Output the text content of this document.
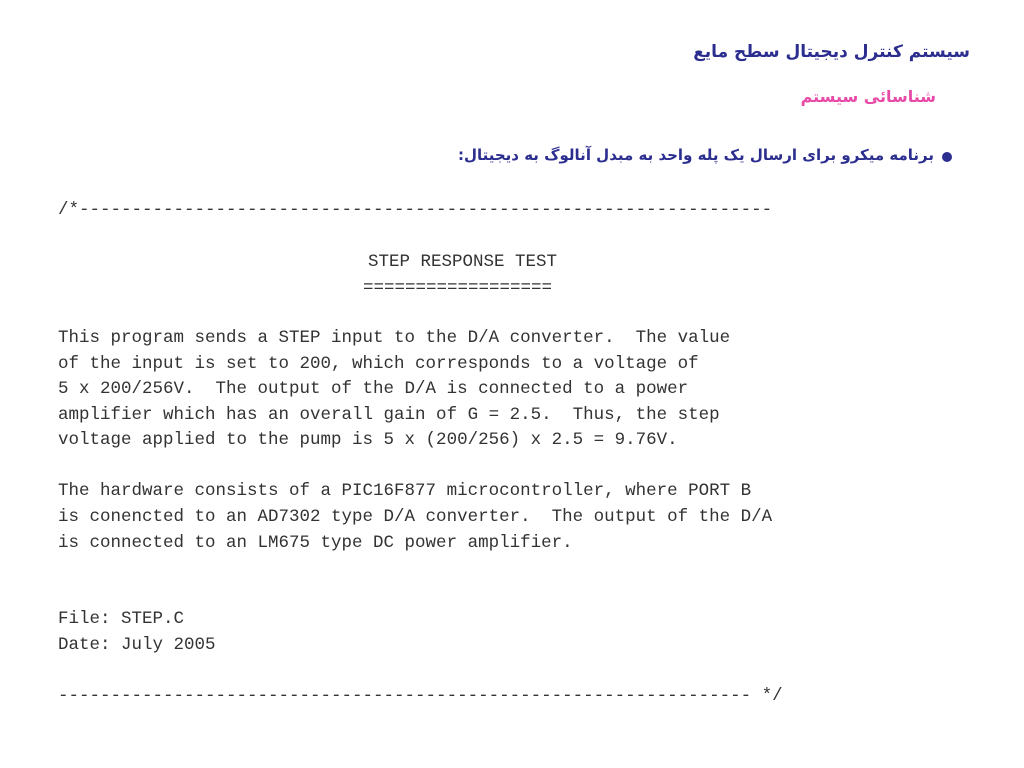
سیستم کنترل دیجیتال سطح مایع
شناسائی سیستم
برنامه میکرو برای ارسال یک پله واحد به مبدل آنالوگ به دیجیتال:
/*------------------------------------------------------------------
STEP RESPONSE TEST
==================
This program sends a STEP input to the D/A converter.  The value
of the input is set to 200, which corresponds to a voltage of
5 x 200/256V.  The output of the D/A is connected to a power
amplifier which has an overall gain of G = 2.5.  Thus, the step
voltage applied to the pump is 5 x (200/256) x 2.5 = 9.76V.
The hardware consists of a PIC16F877 microcontroller, where PORT B
is conencted to an AD7302 type D/A converter.  The output of the D/A
is connected to an LM675 type DC power amplifier.
File: STEP.C
Date: July 2005
------------------------------------------------------------------ */
